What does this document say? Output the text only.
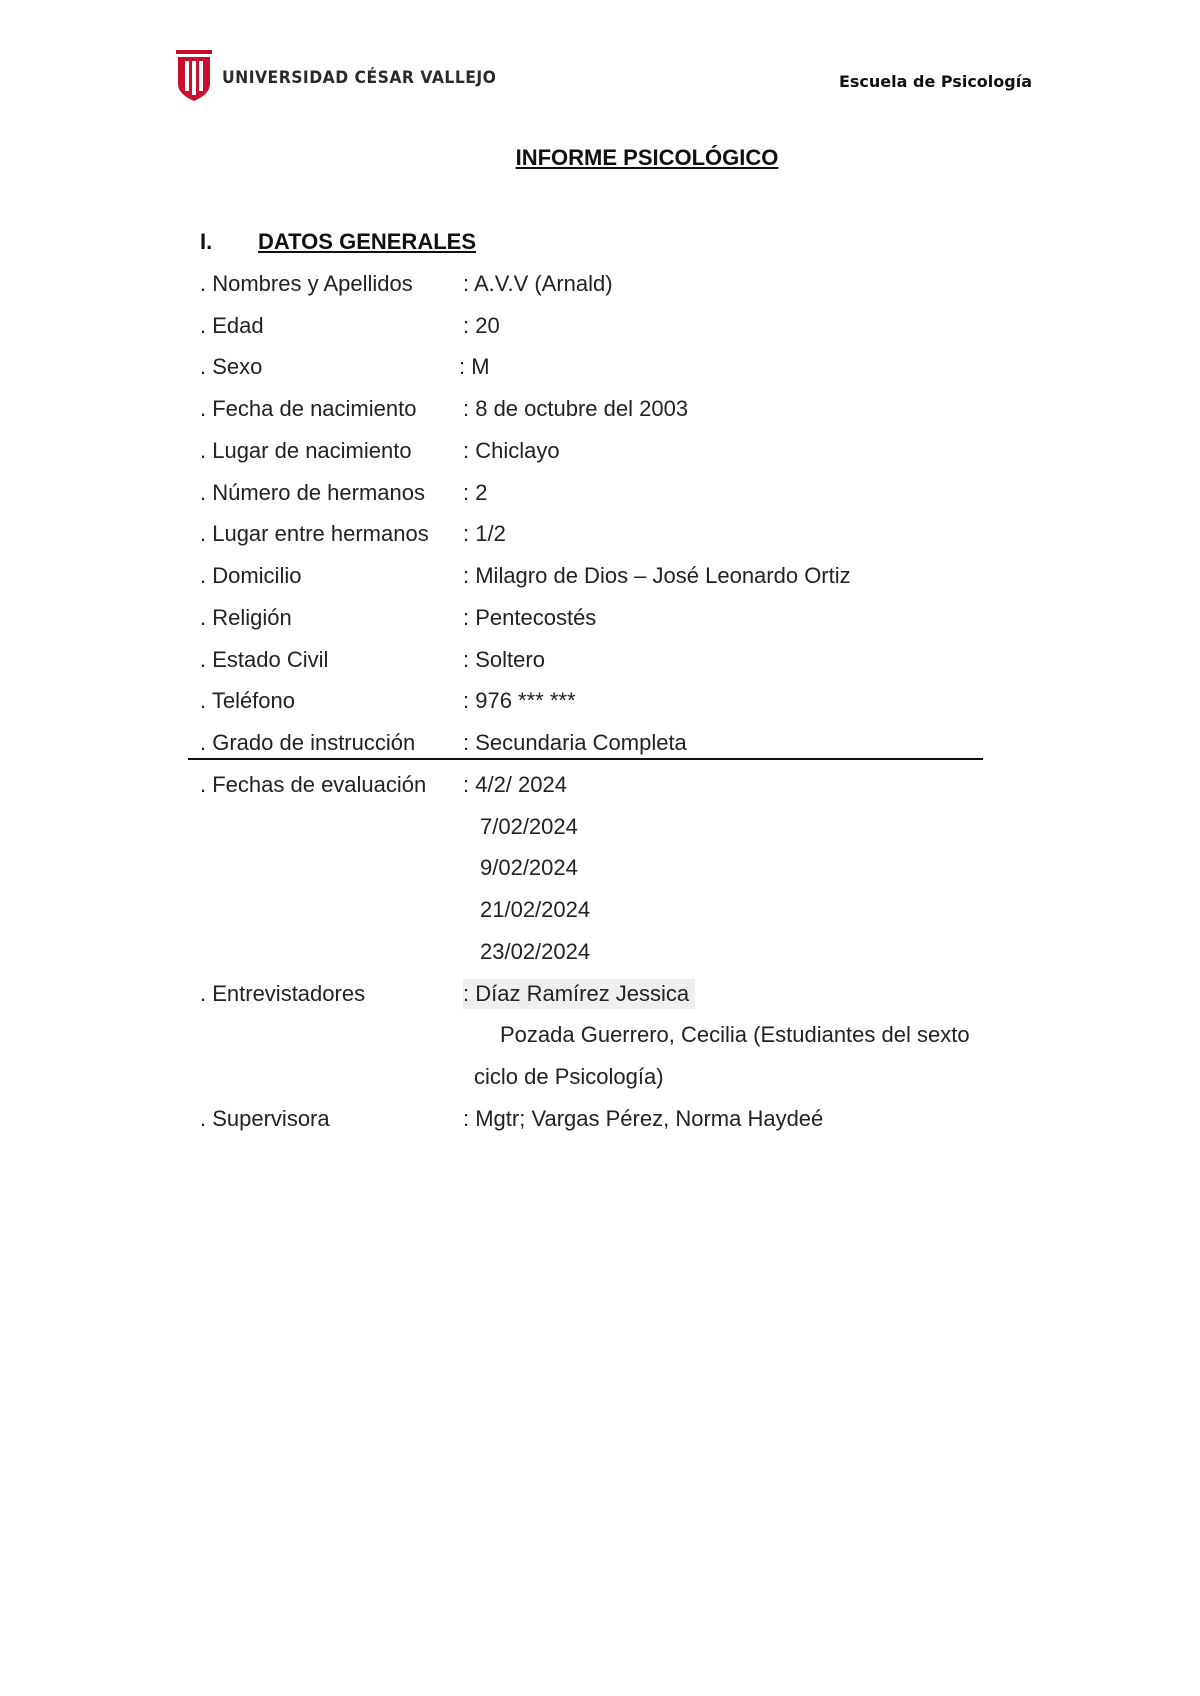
UNIVERSIDAD CÉSAR VALLEJO	Escuela de Psicología
INFORME PSICOLÓGICO
I. DATOS GENERALES
. Nombres y Apellidos : A.V.V (Arnald)
. Edad	: 20
. Sexo	: M
. Fecha de nacimiento : 8 de octubre del 2003
. Lugar de nacimiento : Chiclayo
. Número de hermanos : 2
. Lugar entre hermanos : 1/2
. Domicilio	: Milagro de Dios – José Leonardo Ortiz
. Religión	: Pentecostés
. Estado Civil	: Soltero
. Teléfono	: 976 *** ***
. Grado de instrucción : Secundaria Completa
. Fechas de evaluación : 4/2/ 2024
7/02/2024
9/02/2024
21/02/2024
23/02/2024
. Entrevistadores	: Díaz Ramírez Jessica
Pozada Guerrero, Cecilia (Estudiantes del sexto
ciclo de Psicología)
. Supervisora	: Mgtr; Vargas Pérez, Norma Haydeé
